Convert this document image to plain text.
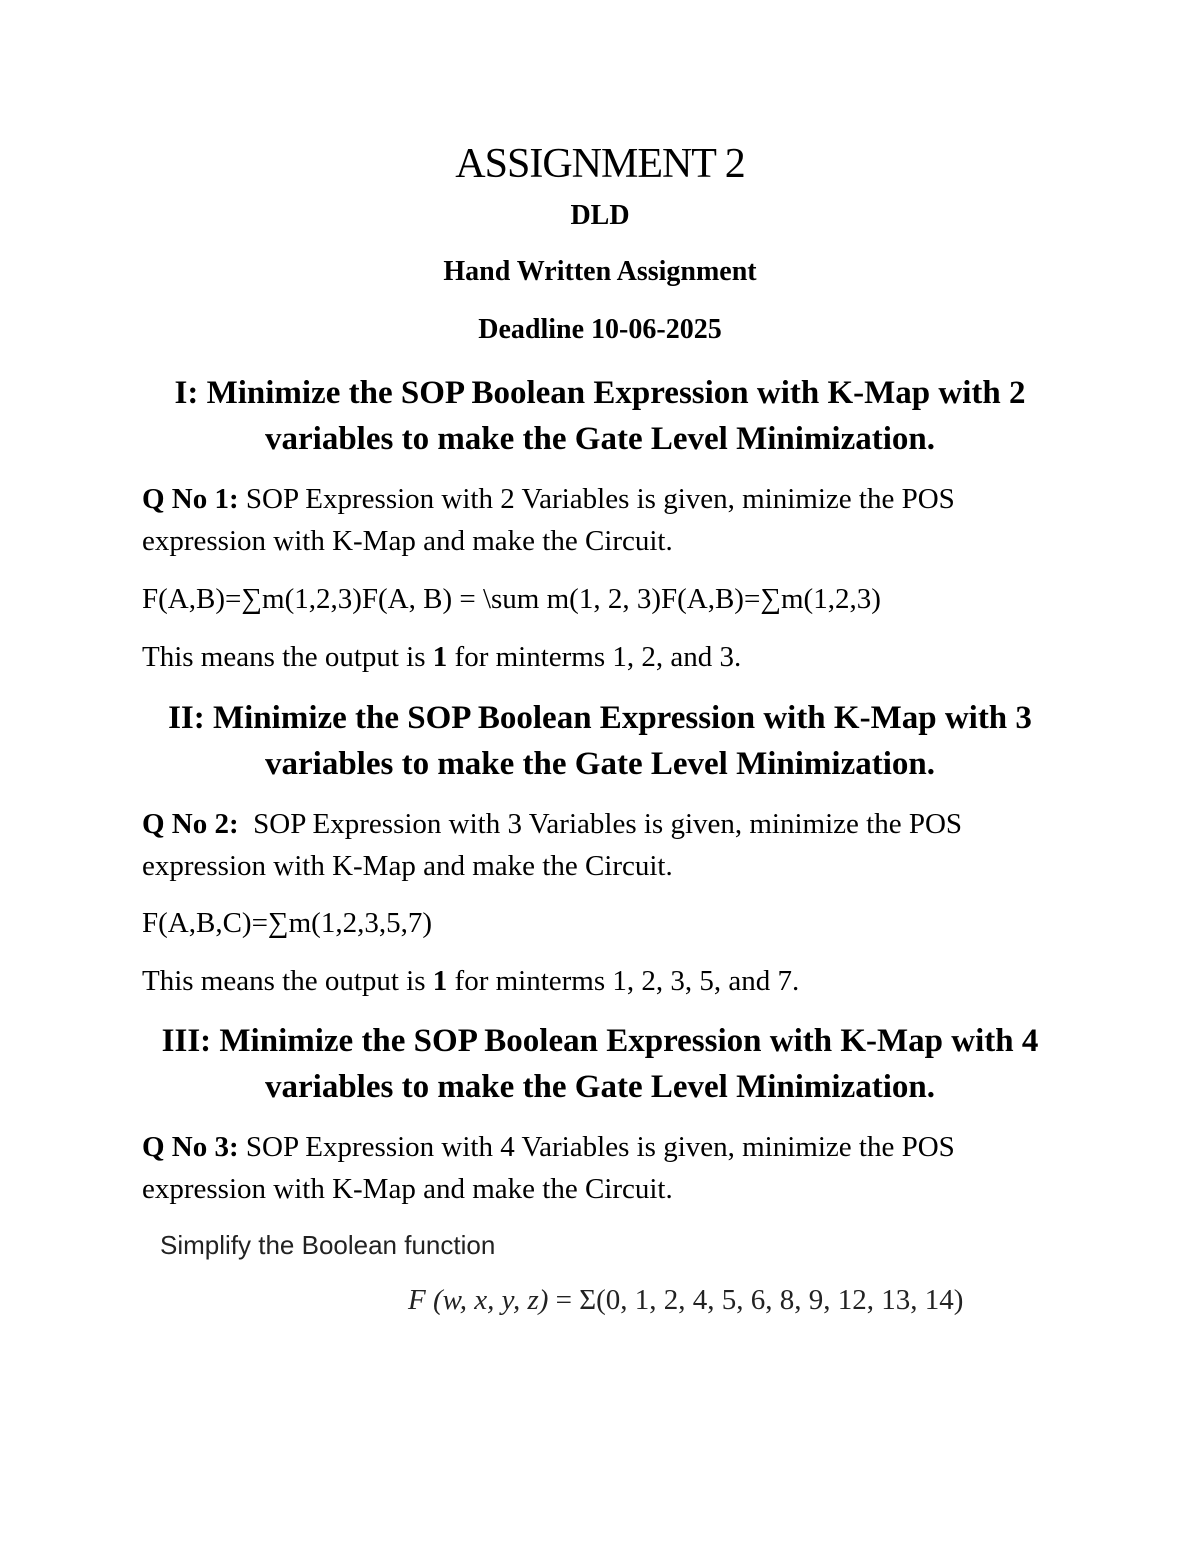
ASSIGNMENT 2
DLD
Hand Written Assignment
Deadline 10-06-2025
I: Minimize the SOP Boolean Expression with K-Map with 2 variables to make the Gate Level Minimization.
Q No 1: SOP Expression with 2 Variables is given, minimize the POS expression with K-Map and make the Circuit.
F(A,B)=∑m(1,2,3)F(A, B) = \sum m(1, 2, 3)F(A,B)=∑m(1,2,3)
This means the output is 1 for minterms 1, 2, and 3.
II: Minimize the SOP Boolean Expression with K-Map with 3 variables to make the Gate Level Minimization.
Q No 2:  SOP Expression with 3 Variables is given, minimize the POS expression with K-Map and make the Circuit.
F(A,B,C)=∑m(1,2,3,5,7)
This means the output is 1 for minterms 1, 2, 3, 5, and 7.
III: Minimize the SOP Boolean Expression with K-Map with 4 variables to make the Gate Level Minimization.
Q No 3: SOP Expression with 4 Variables is given, minimize the POS expression with K-Map and make the Circuit.
Simplify the Boolean function
F (w, x, y, z) = Σ(0, 1, 2, 4, 5, 6, 8, 9, 12, 13, 14)
